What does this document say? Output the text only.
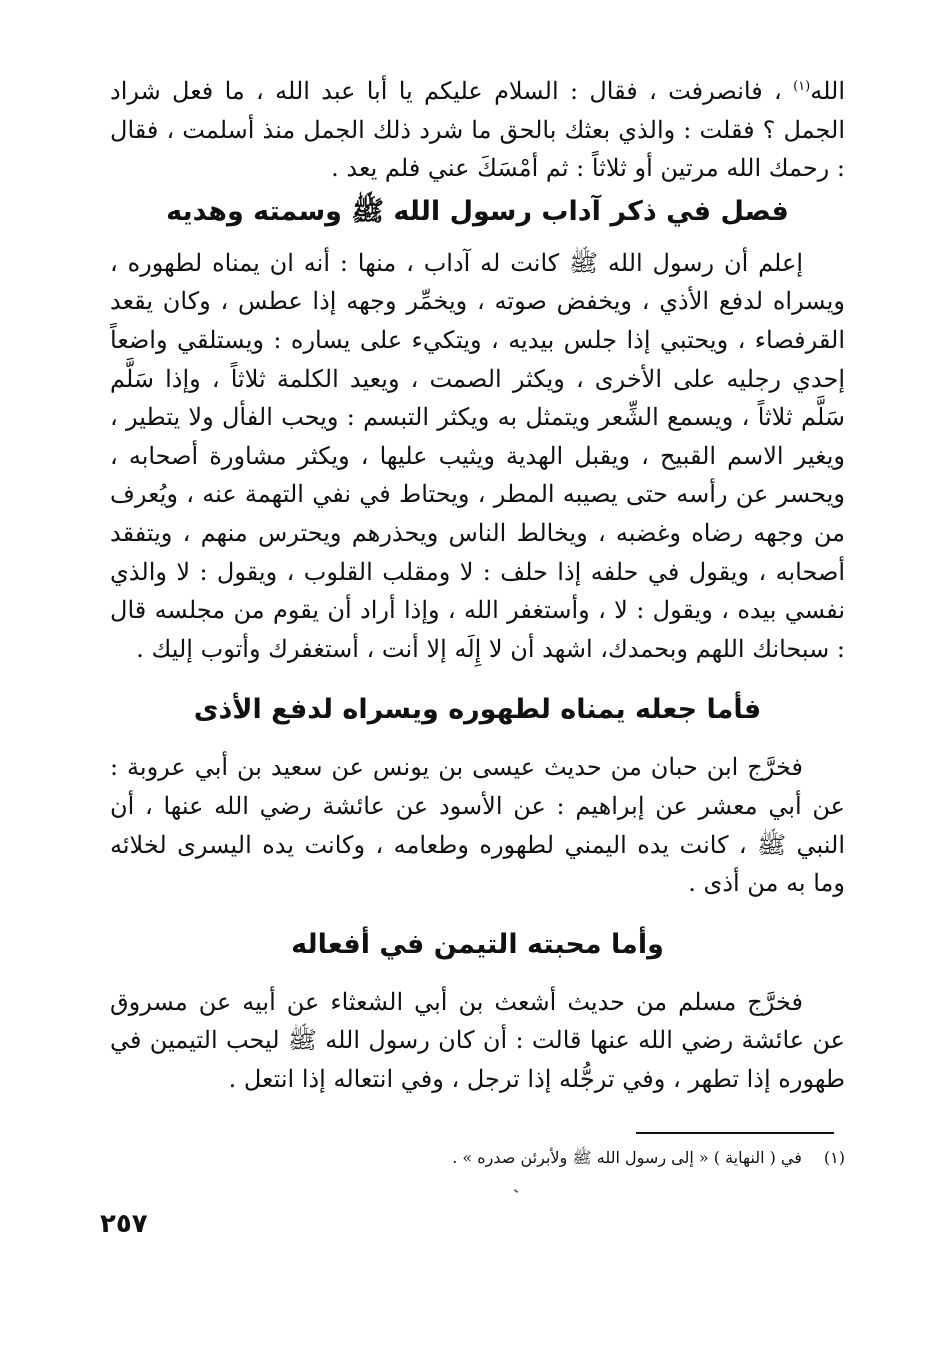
الله$^{(١)}$ ، فانصرفت ، فقال : السلام عليكم يا أبا عبد الله ، ما فعل شراد الجمل ؟ فقلت : والذي بعثك بالحق ما شرد ذلك الجمل منذ أسلمت ، فقال : رحمك الله مرتين أو ثلاثاً : ثم أمْسَكَ عني فلم يعد .

فصل في ذكر آداب رسول الله ﷺ وسمته وهديه

إعلم أن رسول الله ﷺ كانت له آداب ، منها : أنه ان يمناه لطهوره ، ويسراه لدفع الأذي ، ويخفض صوته ، ويخمِّر وجهه إذا عطس ، وكان يقعد القرفصاء ، ويحتبي إذا جلس بيديه ، ويتكيء على يساره : ويستلقي واضعاً إحدي رجليه على الأخرى ، ويكثر الصمت ، ويعيد الكلمة ثلاثاً ، وإذا سَلَّم سَلَّم ثلاثاً ، ويسمع الشِّعر ويتمثل به ويكثر التبسم : ويحب الفأل ولا يتطير ، ويغير الاسم القبيح ، ويقبل الهدية ويثيب عليها ، ويكثر مشاورة أصحابه ، ويحسر عن رأسه حتى يصيبه المطر ، ويحتاط في نفي التهمة عنه ، ويُعرف من وجهه رضاه وغضبه ، ويخالط الناس ويحذرهم ويحترس منهم ، ويتفقد أصحابه ، ويقول في حلفه إذا حلف : لا ومقلب القلوب ، ويقول : لا والذي نفسي بيده ، ويقول : لا ، وأستغفر الله ، وإذا أراد أن يقوم من مجلسه قال : سبحانك اللهم وبحمدك، اشهد أن لا إِلَه إلا أنت ، أستغفرك وأتوب إليك .

فأما جعله يمناه لطهوره ويسراه لدفع الأذى

فخرَّج ابن حبان من حديث عيسى بن يونس عن سعيد بن أبي عروبة : عن أبي معشر عن إبراهيم : عن الأسود عن عائشة رضي الله عنها ، أن النبي ﷺ ، كانت يده اليمني لطهوره وطعامه ، وكانت يده اليسرى لخلائه وما به من أذى .

وأما محبته التيمن في أفعاله

فخرَّج مسلم من حديث أشعث بن أبي الشعثاء عن أبيه عن مسروق عن عائشة رضي الله عنها قالت : أن كان رسول الله ﷺ ليحب التيمين في طهوره إذا تطهر ، وفي ترجُّله إذا ترجل ، وفي انتعاله إذا انتعل .

(١)في ( النهاية ) « إلى رسول الله ﷺ ولأبرئن صدره » .
٢٥٧
